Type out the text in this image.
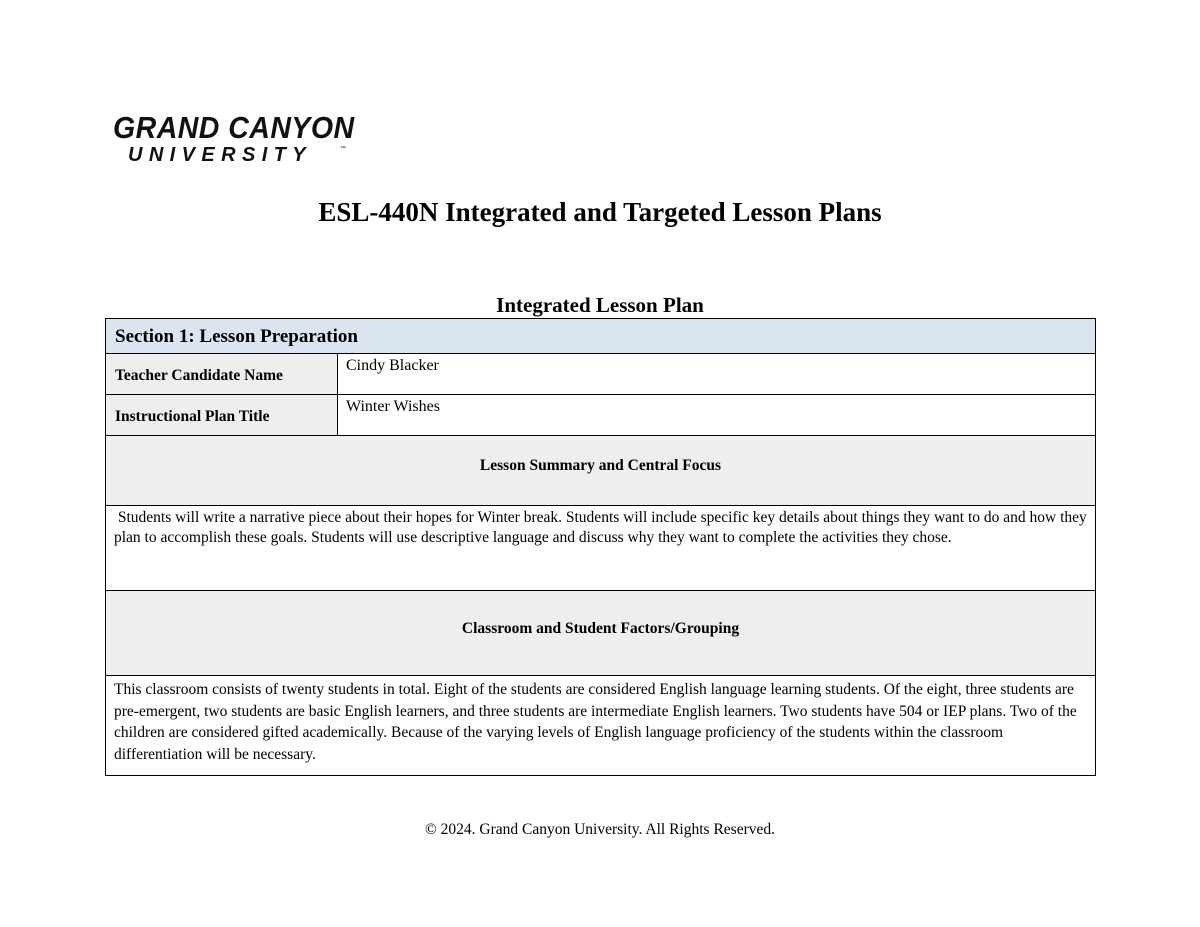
GRAND CANYON
UNIVERSITY	™
ESL-440N Integrated and Targeted Lesson Plans
Integrated Lesson Plan
Section 1: Lesson Preparation	

Teacher Candidate Name	Cindy Blacker

Instructional Plan Title	Winter Wishes

Lesson Summary and Central Focus	

Students will write a narrative piece about their hopes for Winter break. Students will include specific key details about things they want to do and how they plan to accomplish these goals. Students will use descriptive language and discuss why they want to complete the activities they chose.	

Classroom and Student Factors/Grouping	

This classroom consists of twenty students in total. Eight of the students are considered English language learning students. Of the eight, three students are pre-emergent, two students are basic English learners, and three students are intermediate English learners. Two students have 504 or IEP plans. Two of the children are considered gifted academically. Because of the varying levels of English language proficiency of the students within the classroom differentiation will be necessary.	
© 2024. Grand Canyon University. All Rights Reserved.
